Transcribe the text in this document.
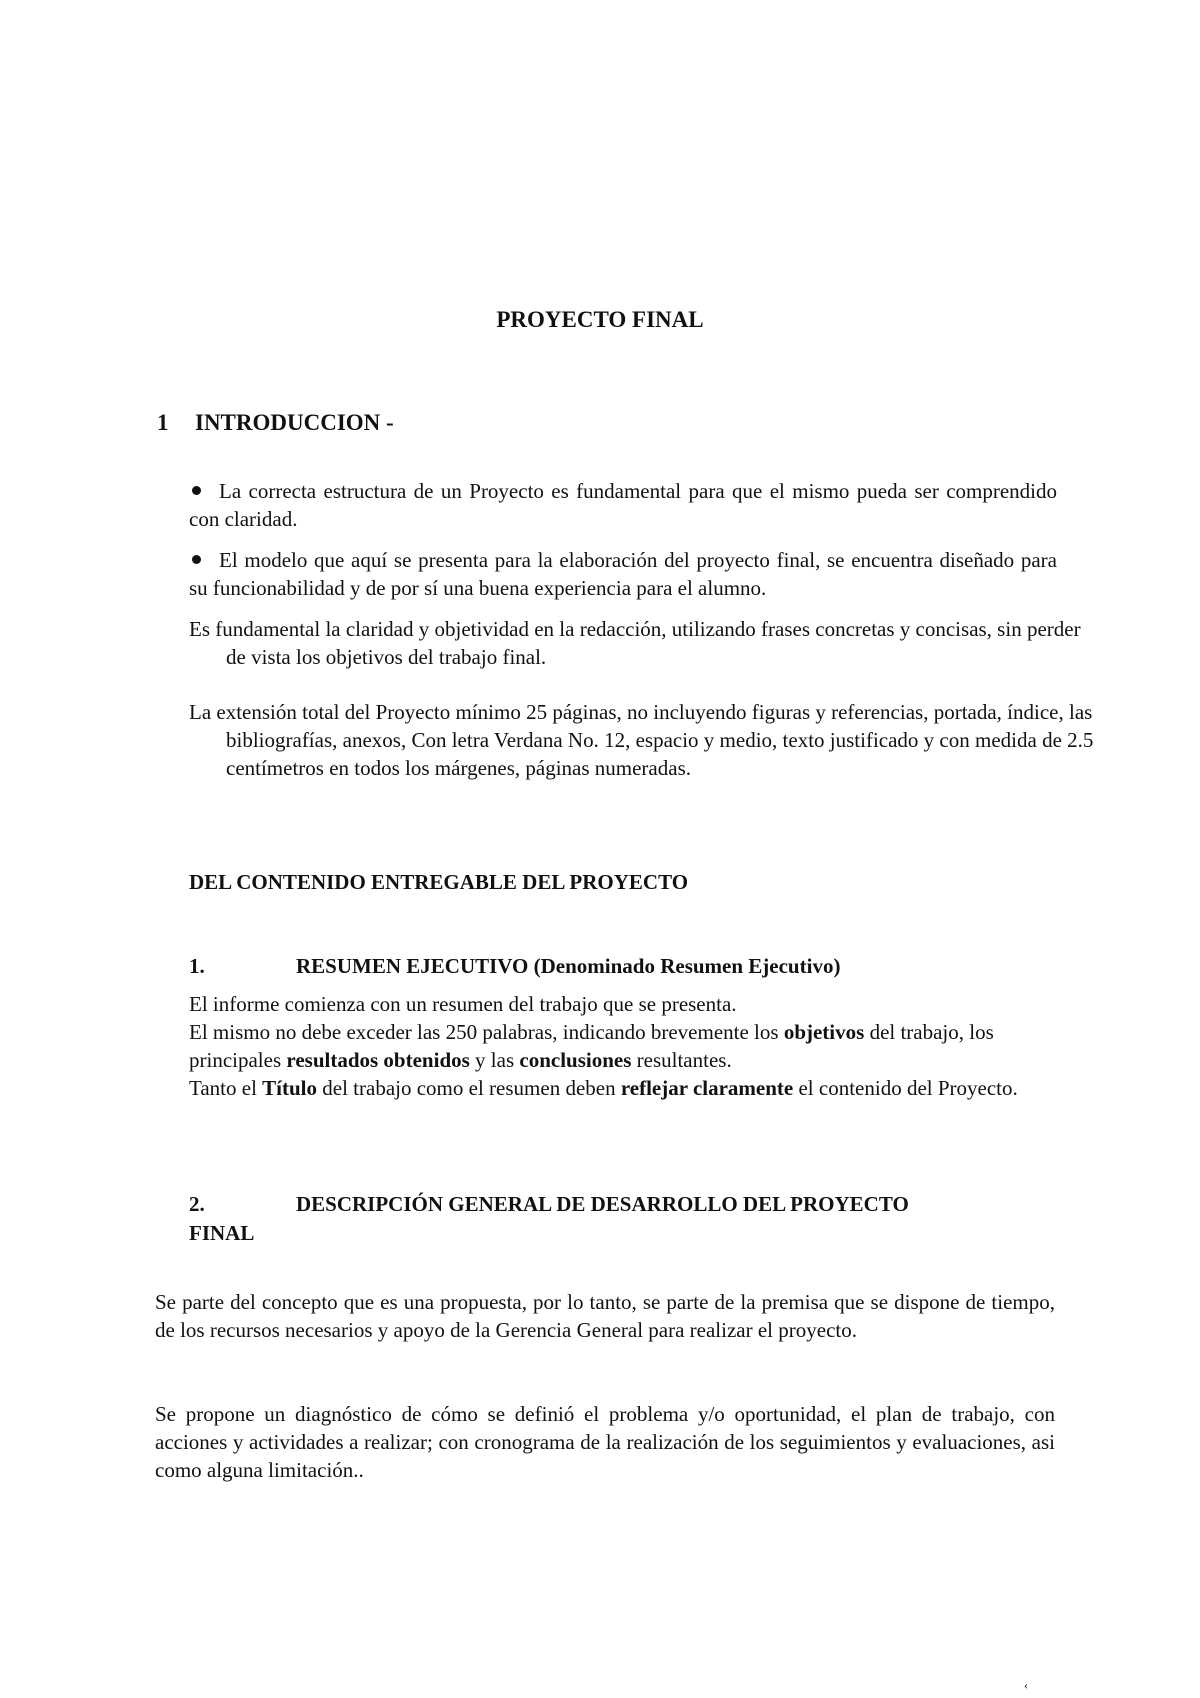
PROYECTO FINAL
1 INTRODUCCION -
La correcta estructura de un Proyecto es fundamental para que el mismo pueda ser comprendido con claridad.
El modelo que aquí se presenta para la elaboración del proyecto final, se encuentra diseñado para su funcionabilidad y de por sí una buena experiencia para el alumno.
Es fundamental la claridad y objetividad en la redacción, utilizando frases concretas y concisas, sin perder de vista los objetivos del trabajo final.
La extensión total del Proyecto mínimo 25 páginas, no incluyendo figuras y referencias, portada, índice, las bibliografías, anexos, Con letra Verdana No. 12, espacio y medio, texto justificado y con medida de 2.5 centímetros en todos los márgenes, páginas numeradas.
DEL CONTENIDO ENTREGABLE DEL PROYECTO
1.	RESUMEN EJECUTIVO (Denominado Resumen Ejecutivo)
El informe comienza con un resumen del trabajo que se presenta.
El mismo no debe exceder las 250 palabras, indicando brevemente los objetivos del trabajo, los principales resultados obtenidos y las conclusiones resultantes.
Tanto el Título del trabajo como el resumen deben reflejar claramente el contenido del Proyecto.
2.	DESCRIPCIÓN GENERAL DE DESARROLLO DEL PROYECTO
FINAL
Se parte del concepto que es una propuesta, por lo tanto, se parte de la premisa que se dispone de tiempo, de los recursos necesarios y apoyo de la Gerencia General para realizar el proyecto.
Se propone un diagnóstico de cómo se definió el problema y/o oportunidad, el plan de trabajo, con acciones y actividades a realizar; con cronograma de la realización de los seguimientos y evaluaciones, asi como alguna limitación..
‹
